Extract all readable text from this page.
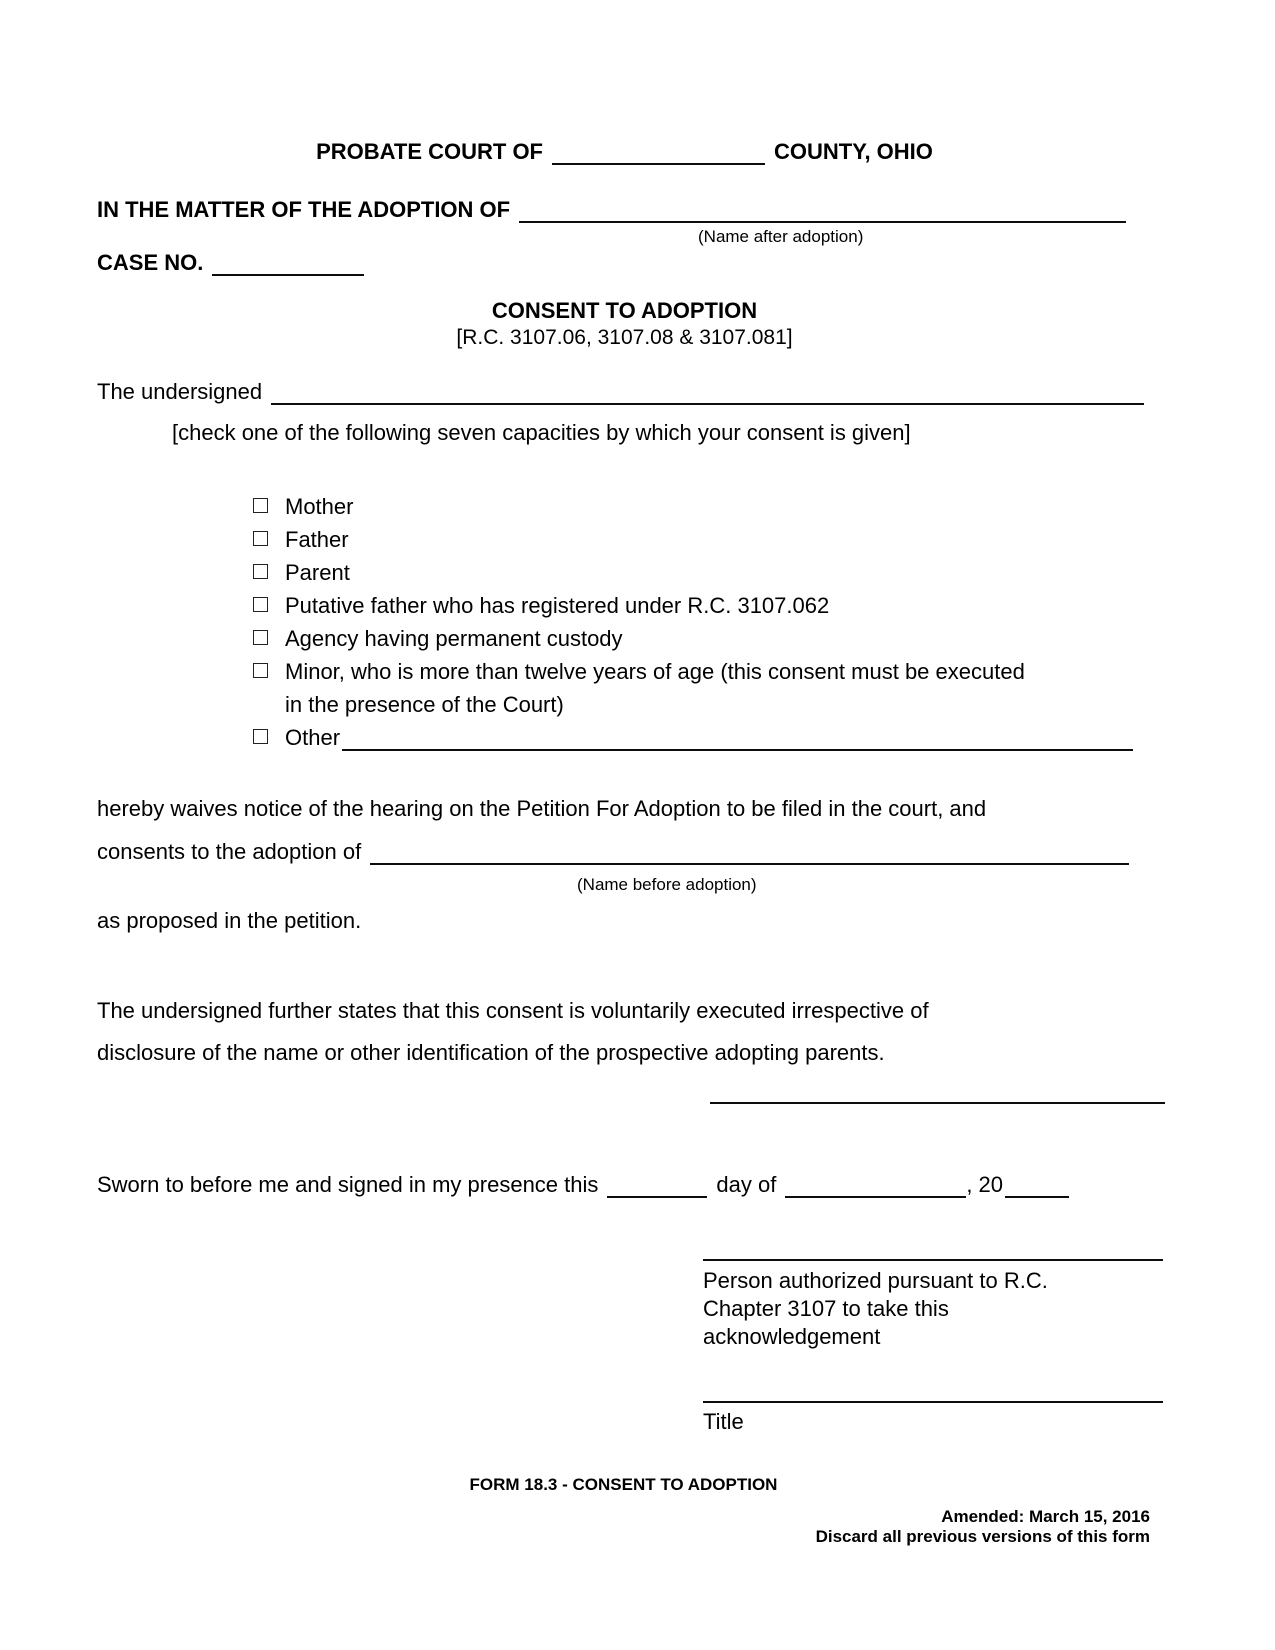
PROBATE COURT OF	COUNTY, OHIO
IN THE MATTER OF THE ADOPTION OF
(Name after adoption)
CASE NO.
CONSENT TO ADOPTION
[R.C. 3107.06, 3107.08 & 3107.081]
The undersigned
[check one of the following seven capacities by which your consent is given]
Mother
Father
Parent
Putative father who has registered under R.C. 3107.062
Agency having permanent custody
Minor, who is more than twelve years of age (this consent must be executed in the presence of the Court)
Other
hereby waives notice of the hearing on the Petition For Adoption to be filed in the court, and
consents to the adoption of
(Name before adoption)
as proposed in the petition.
The undersigned further states that this consent is voluntarily executed irrespective of
disclosure of the name or other identification of the prospective adopting parents.
Sworn to before me and signed in my presence this	day of	, 20
Person authorized pursuant to R.C.
Chapter 3107 to take this
acknowledgement
Title
FORM 18.3 - CONSENT TO ADOPTION
Amended: March 15, 2016
Discard all previous versions of this form
